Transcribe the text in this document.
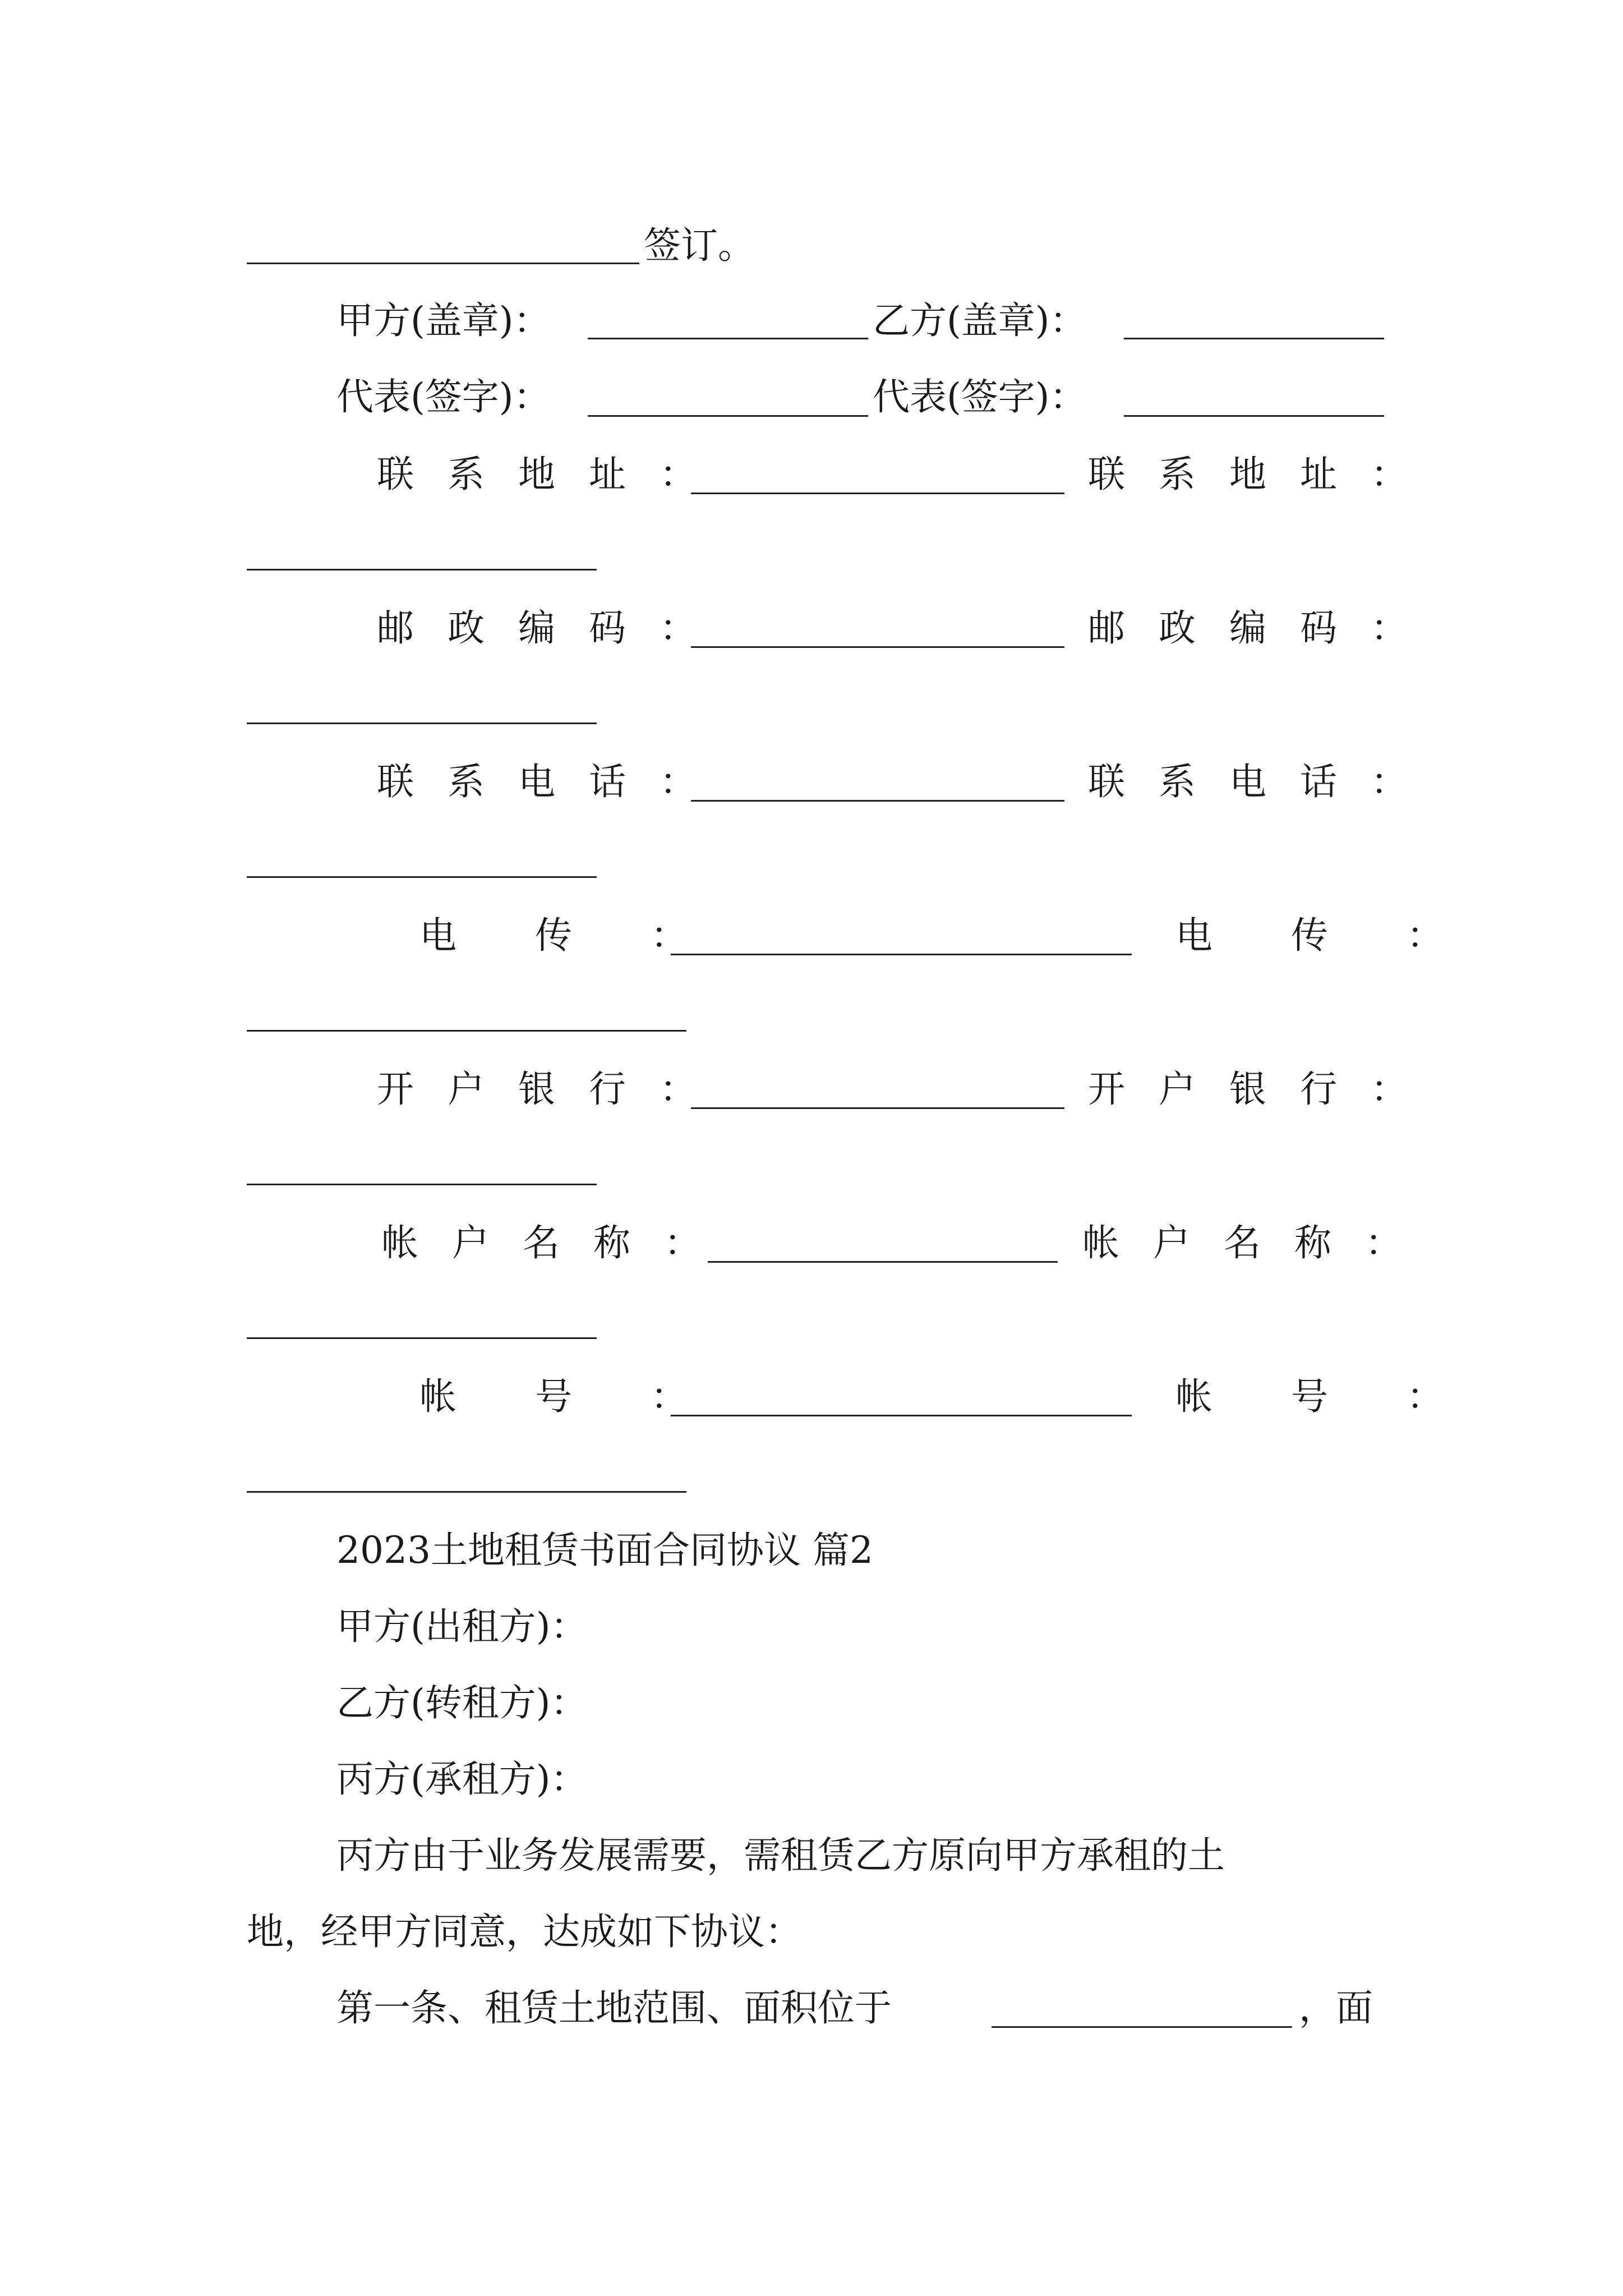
签订。
甲方(盖章)：	乙方(盖章)：
代表(签字)：	代表(签字)：
联系地址：	联系地址：
邮政编码：	邮政编码：
联系电话：	联系电话：
电传：	电传：
开户银行：	开户银行：
帐户名称：	帐户名称：
帐号：	帐号：
2023土地租赁书面合同协议 篇2
甲方(出租方)：
乙方(转租方)：
丙方(承租方)：
丙方由于业务发展需要，需租赁乙方原向甲方承租的土
地，经甲方同意，达成如下协议：
第一条、租赁土地范围、面积位于	，面
